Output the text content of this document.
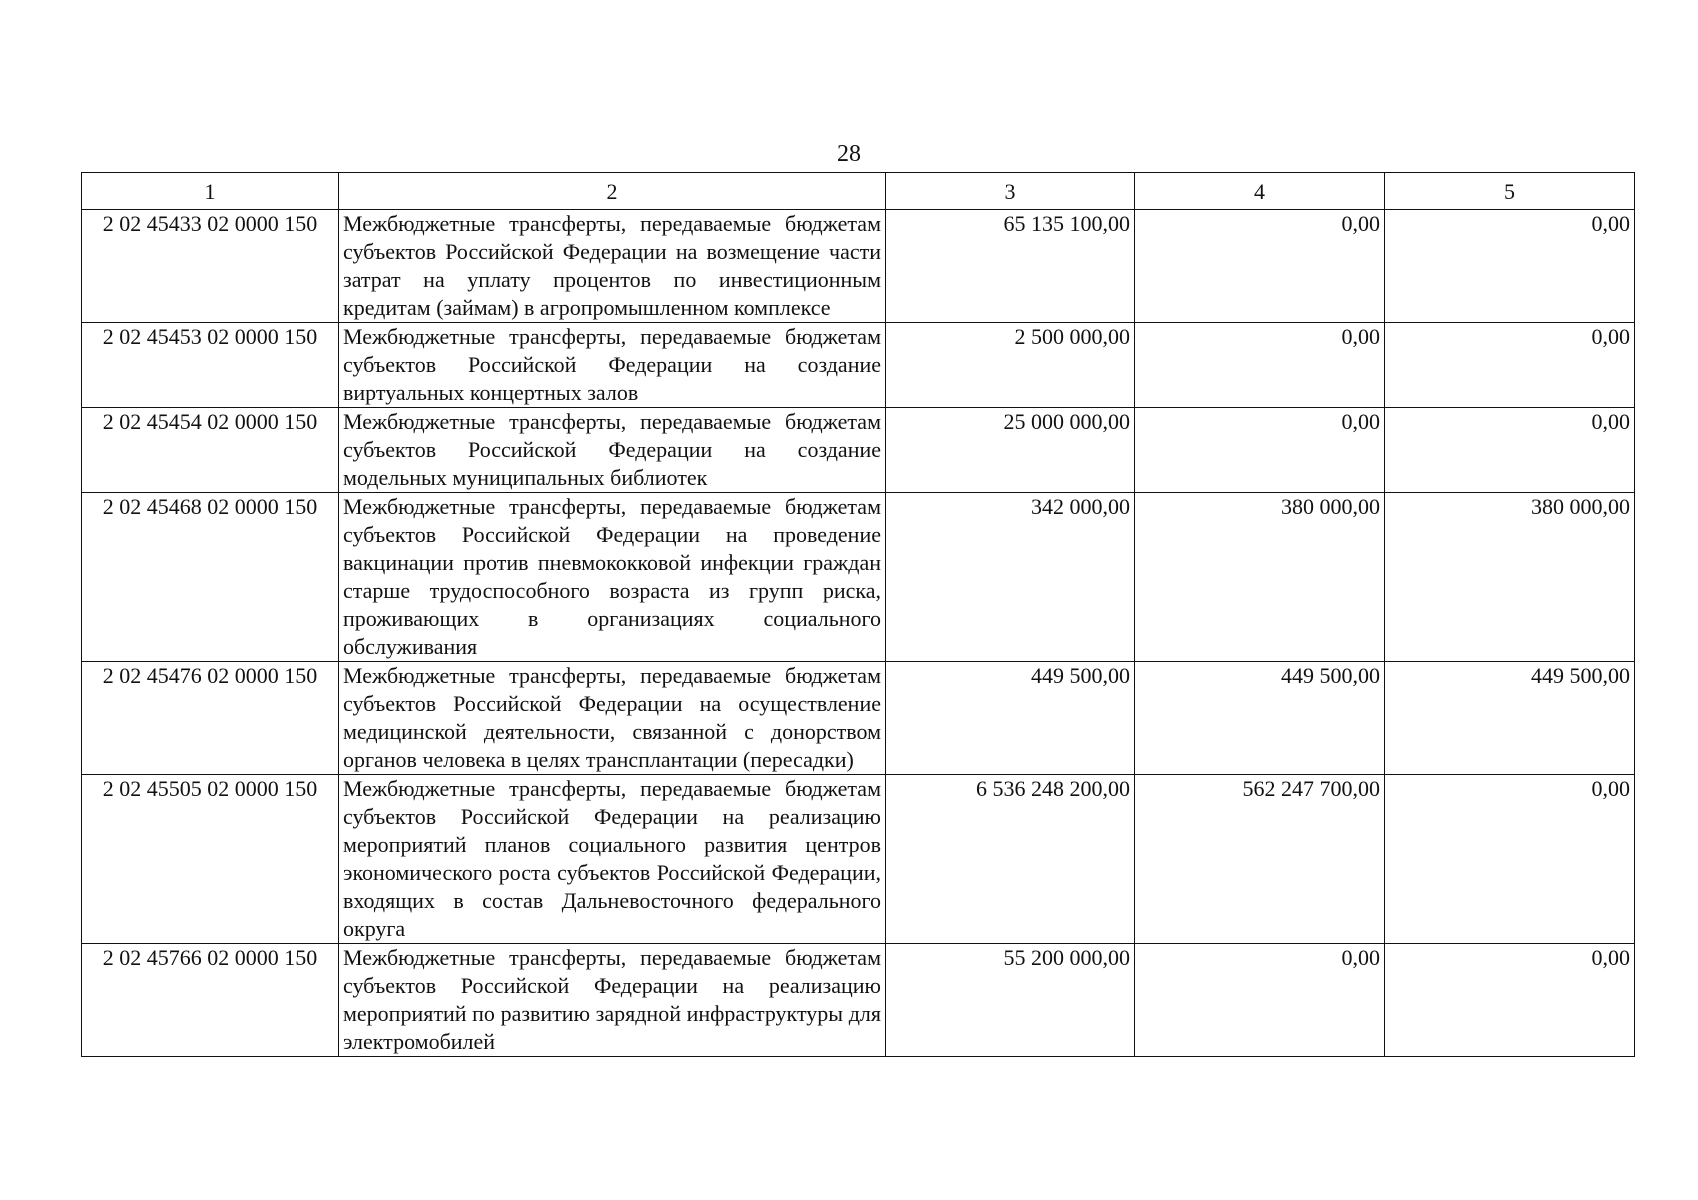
28
1	2	3	4	5
2 02 45433 02 0000 150	Межбюджетные трансферты, передаваемые бюджетам субъектов Российской Федерации на возмещение части затрат на уплату процентов по инвестиционным кредитам (займам) в агропромышленном комплексе	65 135 100,00	0,00	0,00
2 02 45453 02 0000 150	Межбюджетные трансферты, передаваемые бюджетам субъектов Российской Федерации на создание виртуальных концертных залов	2 500 000,00	0,00	0,00
2 02 45454 02 0000 150	Межбюджетные трансферты, передаваемые бюджетам субъектов Российской Федерации на создание модельных муниципальных библиотек	25 000 000,00	0,00	0,00
2 02 45468 02 0000 150	Межбюджетные трансферты, передаваемые бюджетам субъектов Российской Федерации на проведение вакцинации против пневмококковой инфекции граждан старше трудоспособного возраста из групп риска, проживающих в организациях социального обслуживания	342 000,00	380 000,00	380 000,00
2 02 45476 02 0000 150	Межбюджетные трансферты, передаваемые бюджетам субъектов Российской Федерации на осуществление медицинской деятельности, связанной с донорством органов человека в целях трансплантации (пересадки)	449 500,00	449 500,00	449 500,00
2 02 45505 02 0000 150	Межбюджетные трансферты, передаваемые бюджетам субъектов Российской Федерации на реализацию мероприятий планов социального развития центров экономического роста субъектов Российской Федерации, входящих в состав Дальневосточного федерального округа	6 536 248 200,00	562 247 700,00	0,00
2 02 45766 02 0000 150	Межбюджетные трансферты, передаваемые бюджетам субъектов Российской Федерации на реализацию мероприятий по развитию зарядной инфраструктуры для электромобилей	55 200 000,00	0,00	0,00
